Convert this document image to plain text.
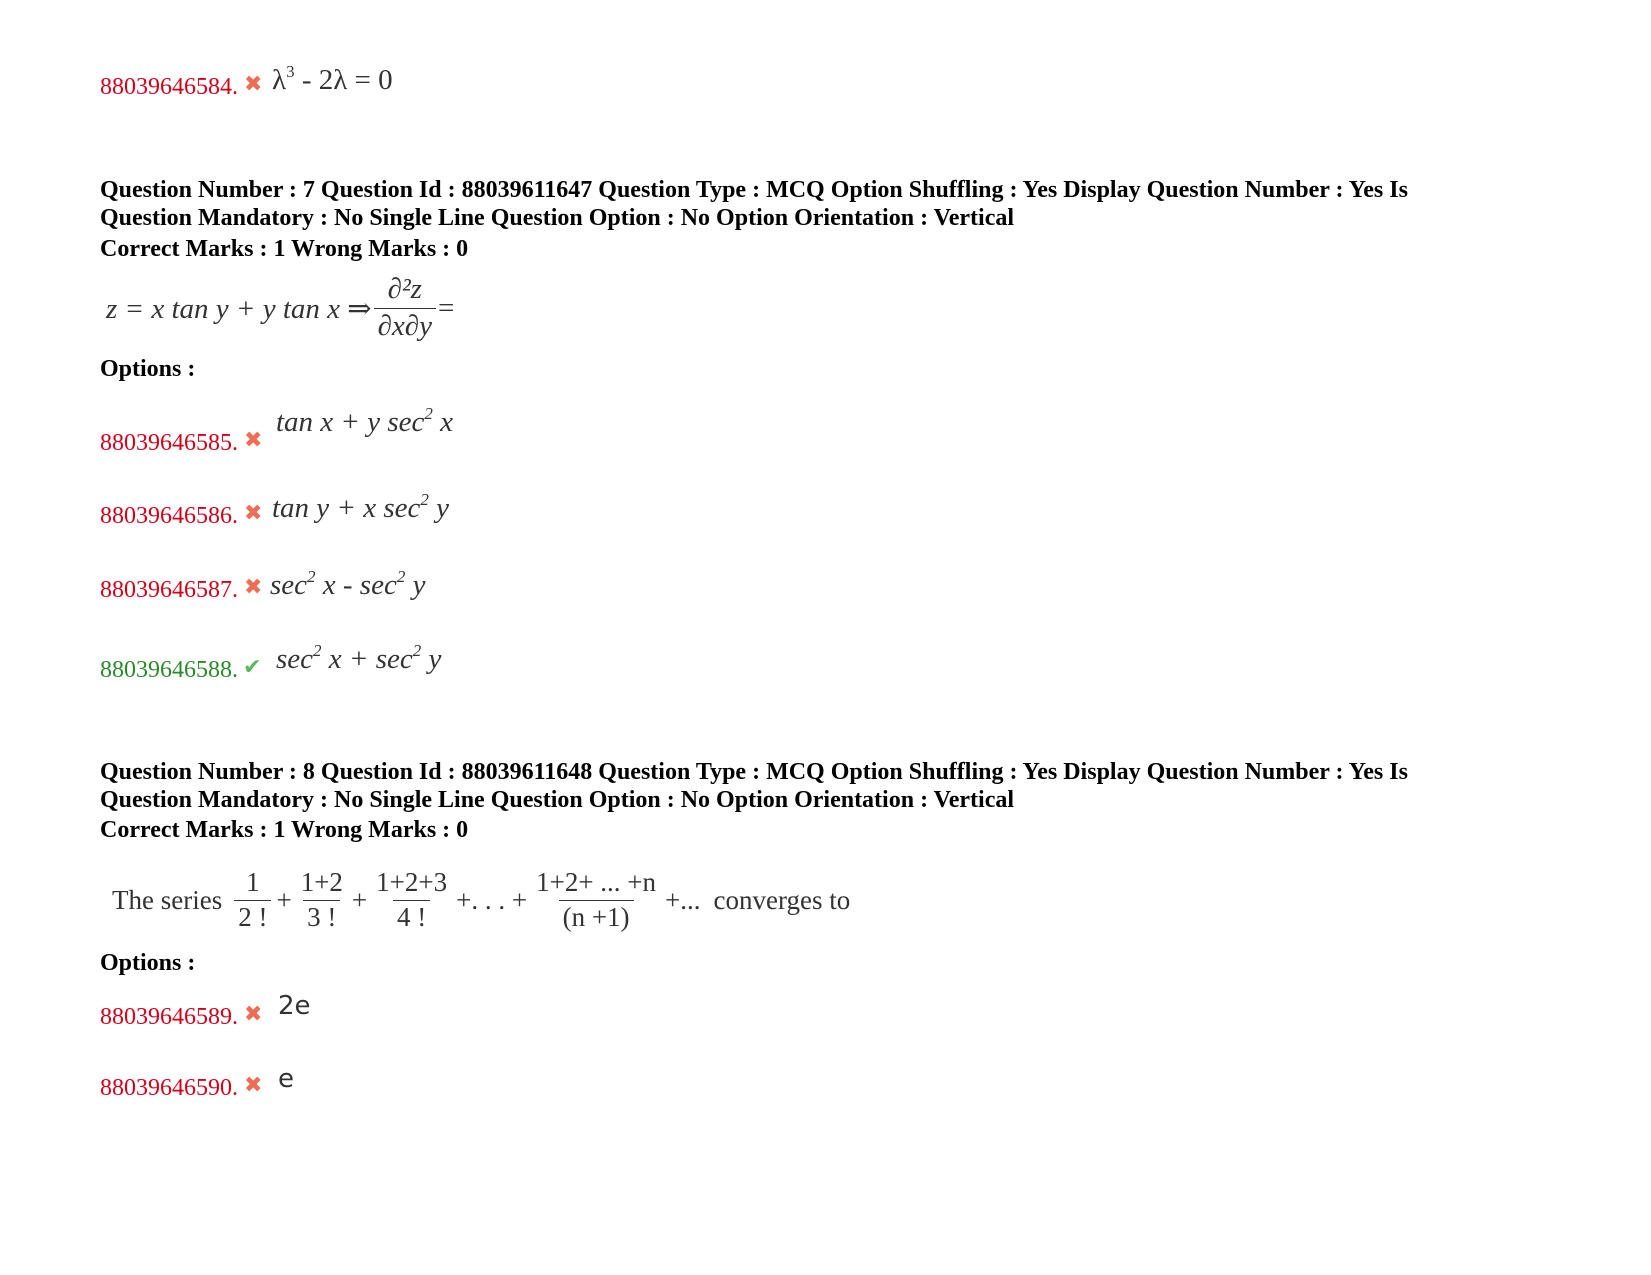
88039646584. ✖ $\lambda^3 - 2\lambda = 0$
Question Number : 7 Question Id : 88039611647 Question Type : MCQ Option Shuffling : Yes Display Question Number : Yes Is
Question Mandatory : No Single Line Question Option : No Option Orientation : Vertical
Correct Marks : 1 Wrong Marks : 0
z = x tan y + y tan x ⇒ $\frac{\text{∂²z}}{\partial x\partial y}$ =
Options :
88039646585. ✖
tan x + y $\sec^2 x$
88039646586. ✖ tan y + x $\sec^2 y$
88039646587. ✖ $\sec^2 x - \sec^2 y$
88039646588. ✔ $\sec^2 x + \sec^2 y$
Question Number : 8 Question Id : 88039611648 Question Type : MCQ Option Shuffling : Yes Display Question Number : Yes Is
Question Mandatory : No Single Line Question Option : No Option Orientation : Vertical
Correct Marks : 1 Wrong Marks : 0
The series $\frac{1}{2 !} + \frac{1+2}{3 !} + \frac{1+2+3}{4 !}$ +. . . + $\frac{1+2+ ... +n}{(n +1)}$ +... converges to
Options :
88039646589. ✖ 2e
88039646590. ✖ e
